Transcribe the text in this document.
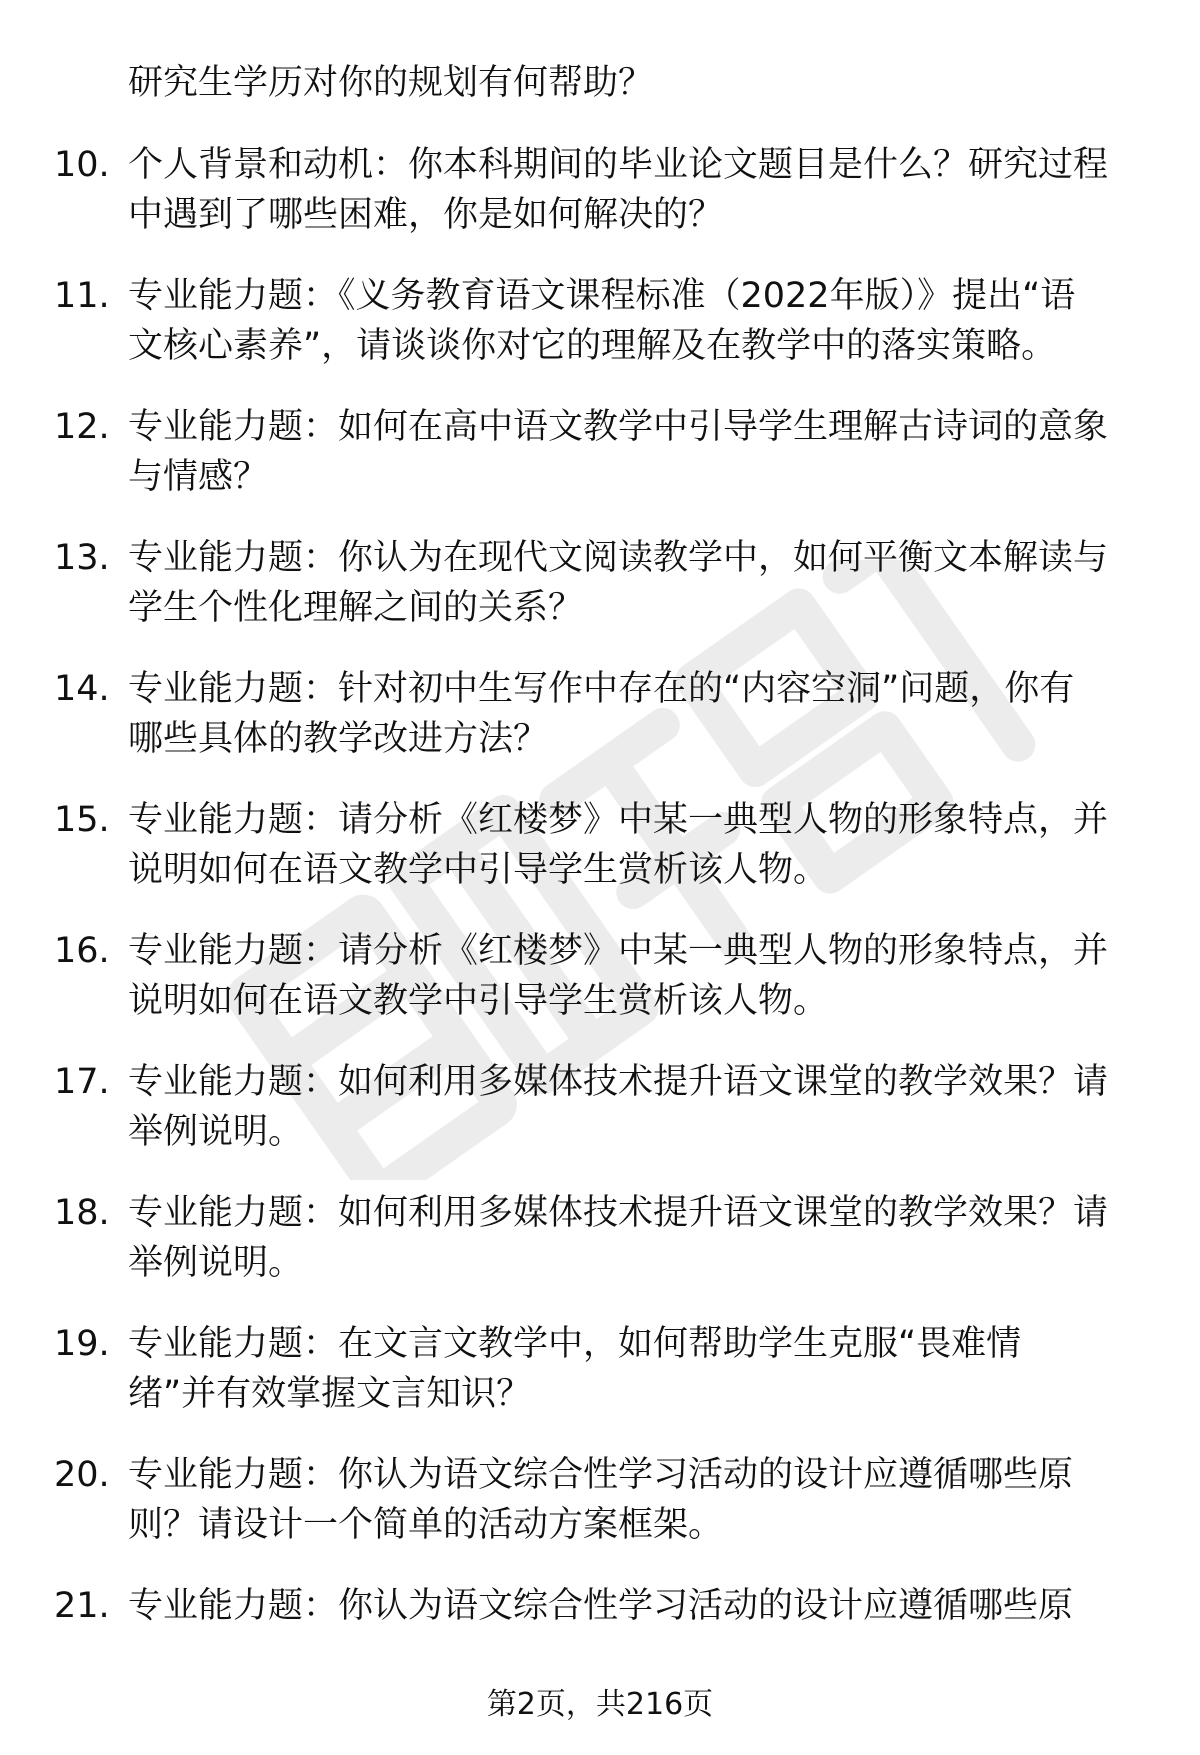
研究生学历对你的规划有何帮助？
10. 个人背景和动机：你本科期间的毕业论文题目是什么？研究过程
中遇到了哪些困难，你是如何解决的？
11. 专业能力题：《义务教育语文课程标准（2022年版）》提出“语
文核心素养”，请谈谈你对它的理解及在教学中的落实策略。
12. 专业能力题：如何在高中语文教学中引导学生理解古诗词的意象
与情感？
13. 专业能力题：你认为在现代文阅读教学中，如何平衡文本解读与
学生个性化理解之间的关系？
14. 专业能力题：针对初中生写作中存在的“内容空洞”问题，你有
哪些具体的教学改进方法？
15. 专业能力题：请分析《红楼梦》中某一典型人物的形象特点，并
说明如何在语文教学中引导学生赏析该人物。
16. 专业能力题：请分析《红楼梦》中某一典型人物的形象特点，并
说明如何在语文教学中引导学生赏析该人物。
17. 专业能力题：如何利用多媒体技术提升语文课堂的教学效果？请
举例说明。
18. 专业能力题：如何利用多媒体技术提升语文课堂的教学效果？请
举例说明。
19. 专业能力题：在文言文教学中，如何帮助学生克服“畏难情
绪”并有效掌握文言知识？
20. 专业能力题：你认为语文综合性学习活动的设计应遵循哪些原
则？请设计一个简单的活动方案框架。
21. 专业能力题：你认为语文综合性学习活动的设计应遵循哪些原
第2页，共216页
